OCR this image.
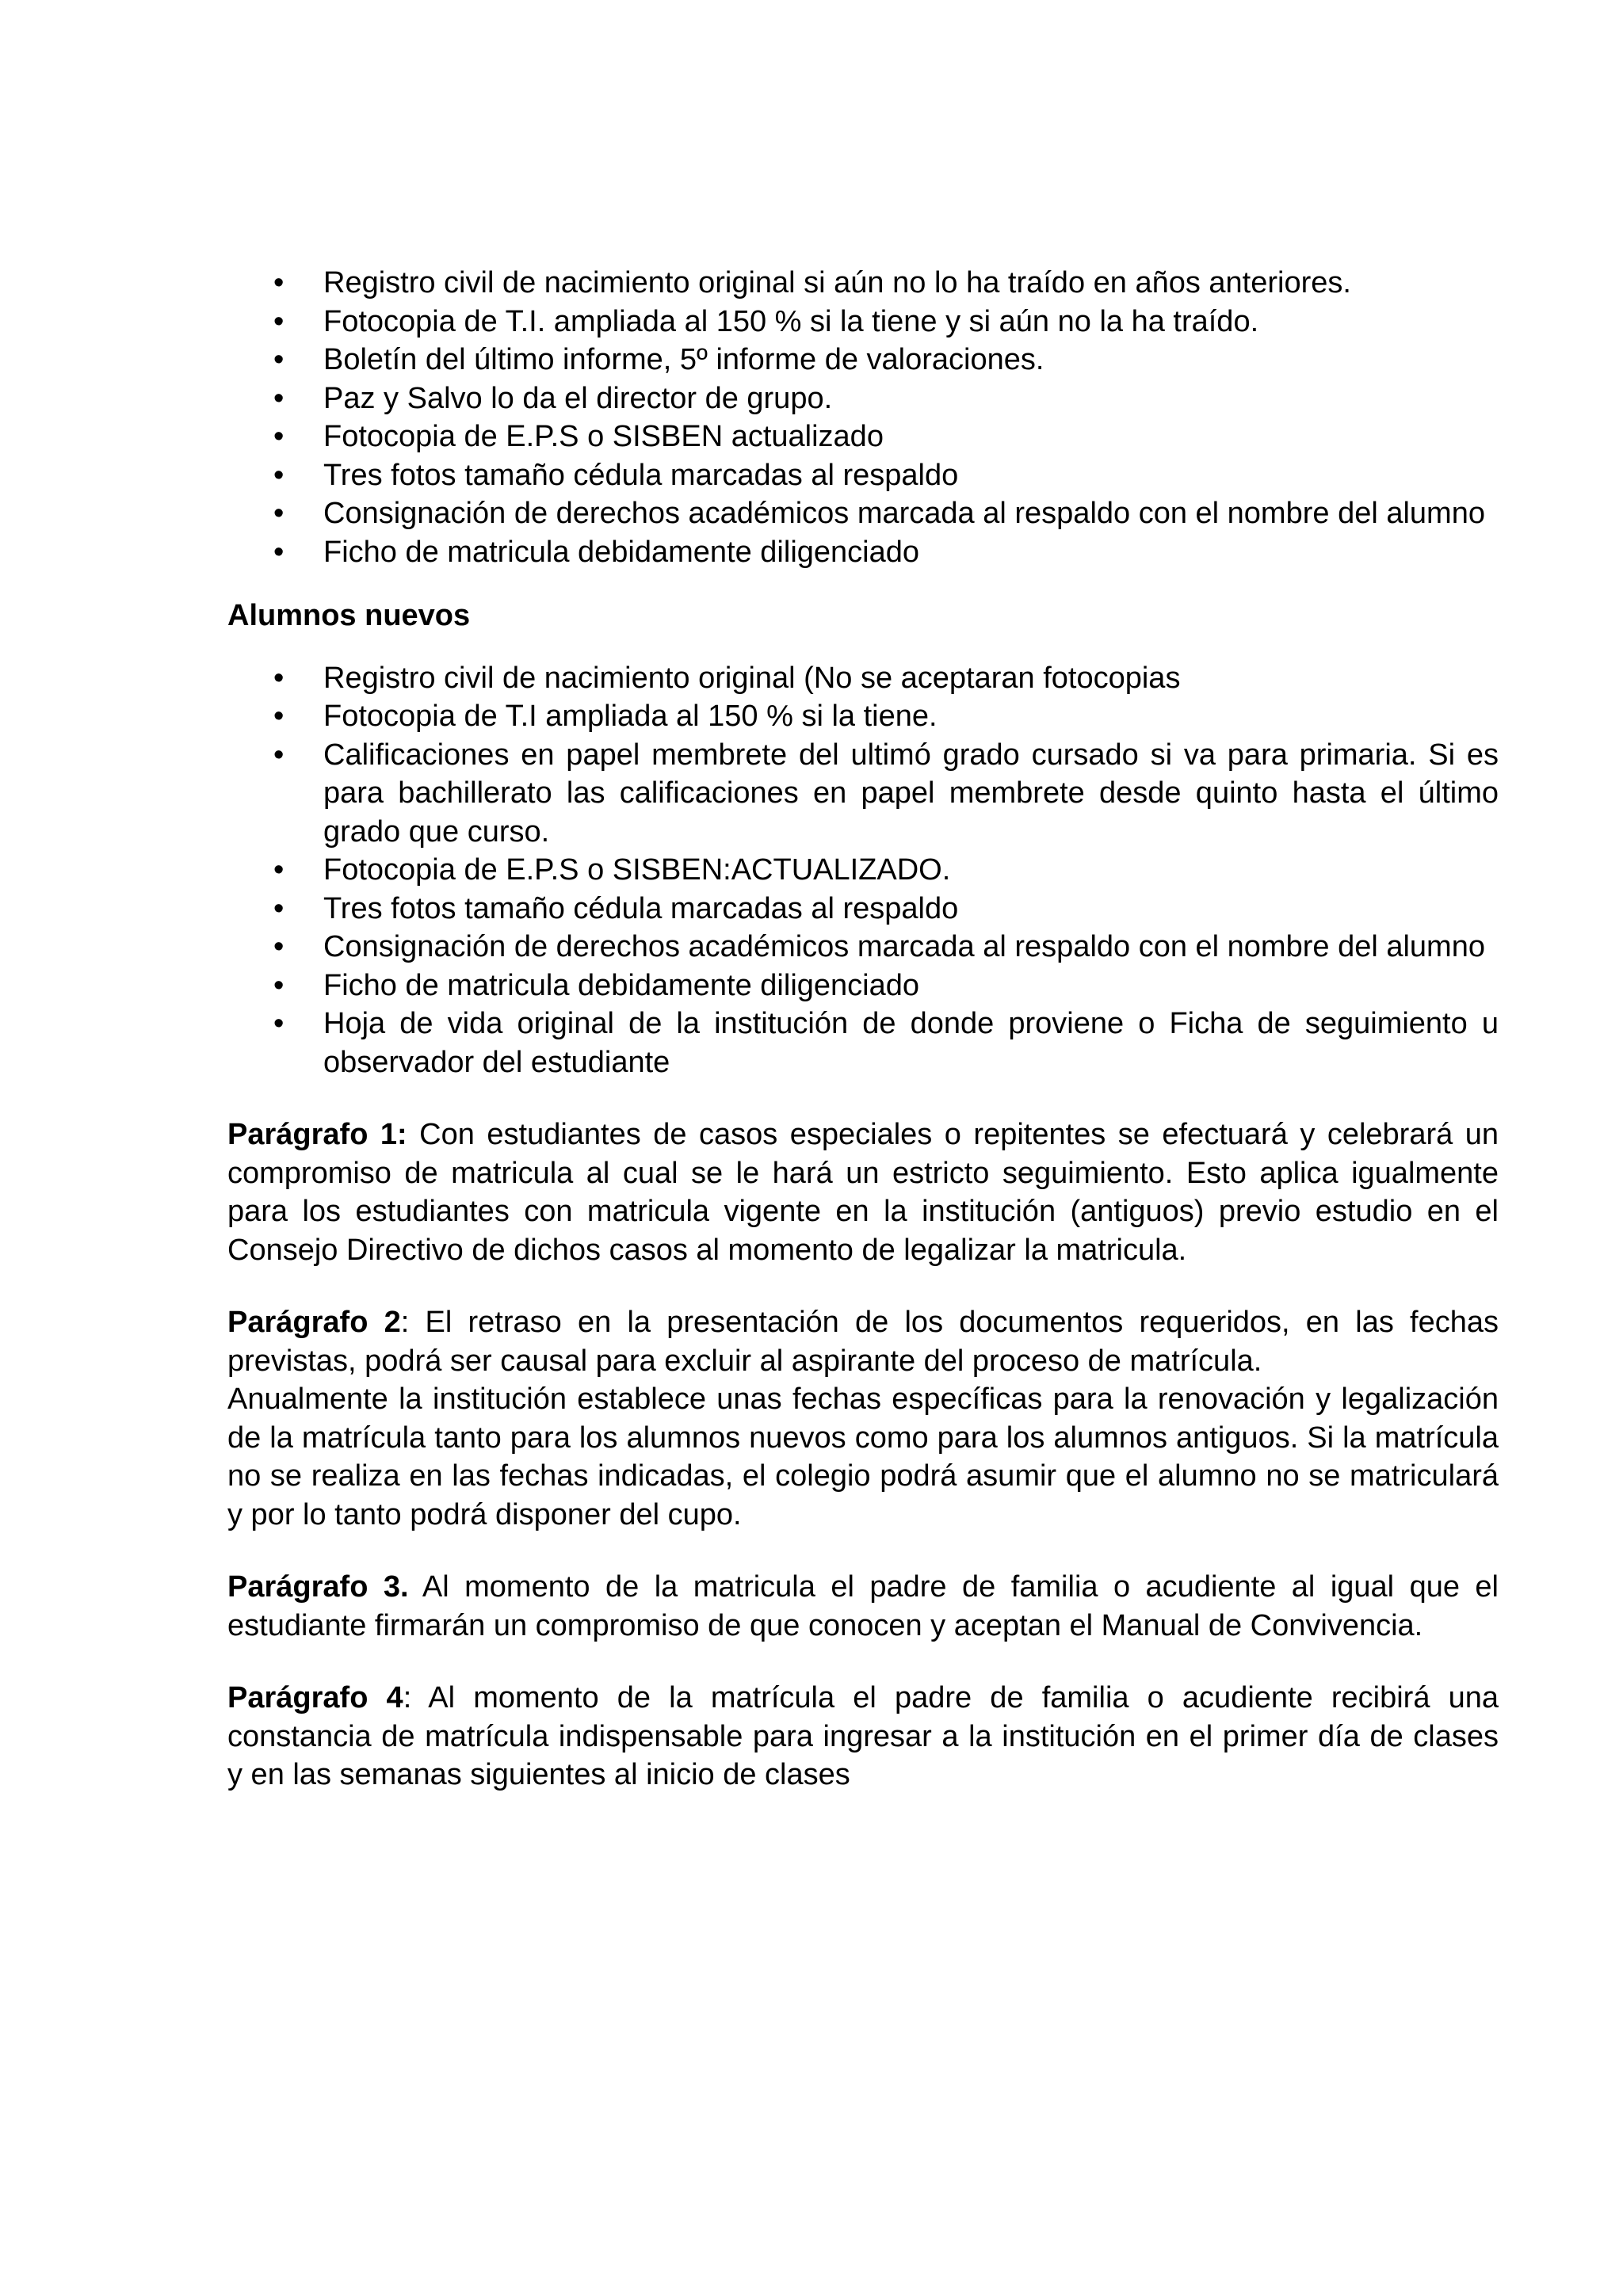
• Registro civil de nacimiento original si aún no lo ha traído en años anteriores.
• Fotocopia de T.I. ampliada al 150 % si la tiene y si aún no la ha traído.
• Boletín del último informe, 5º informe de valoraciones.
• Paz y Salvo lo da el director de grupo.
• Fotocopia de E.P.S o SISBEN actualizado
• Tres fotos tamaño cédula marcadas al respaldo
• Consignación de derechos académicos marcada al respaldo con el nombre del alumno
• Ficho de matricula debidamente diligenciado
Alumnos nuevos
• Registro civil de nacimiento original (No se aceptaran fotocopias
• Fotocopia de T.I ampliada al 150 % si la tiene.
• Calificaciones en papel membrete del ultimó grado cursado si va para primaria. Si es para bachillerato las calificaciones en papel membrete desde quinto hasta el último grado que curso.
• Fotocopia de E.P.S o SISBEN:ACTUALIZADO.
• Tres fotos tamaño cédula marcadas al respaldo
• Consignación de derechos académicos marcada al respaldo con el nombre del alumno
• Ficho de matricula debidamente diligenciado
• Hoja de vida original de la institución de donde proviene o Ficha de seguimiento u observador del estudiante

Parágrafo 1: Con estudiantes de casos especiales o repitentes se efectuará y celebrará un compromiso de matricula al cual se le hará un estricto seguimiento. Esto aplica igualmente para los estudiantes con matricula vigente en la institución (antiguos) previo estudio en el Consejo Directivo de dichos casos al momento de legalizar la matricula.

Parágrafo 2: El retraso en la presentación de los documentos requeridos, en las fechas previstas, podrá ser causal para excluir al aspirante del proceso de matrícula.

Anualmente la institución establece unas fechas específicas para la renovación y legalización de la matrícula tanto para los alumnos nuevos como para los alumnos antiguos. Si la matrícula no se realiza en las fechas indicadas, el colegio podrá asumir que el alumno no se matriculará y por lo tanto podrá disponer del cupo.

Parágrafo 3. Al momento de la matricula el padre de familia o acudiente al igual que el estudiante firmarán un compromiso de que conocen y aceptan el Manual de Convivencia.

Parágrafo 4: Al momento de la matrícula el padre de familia o acudiente recibirá una constancia de matrícula indispensable para ingresar a la institución en el primer día de clases y en las semanas siguientes al inicio de clases
